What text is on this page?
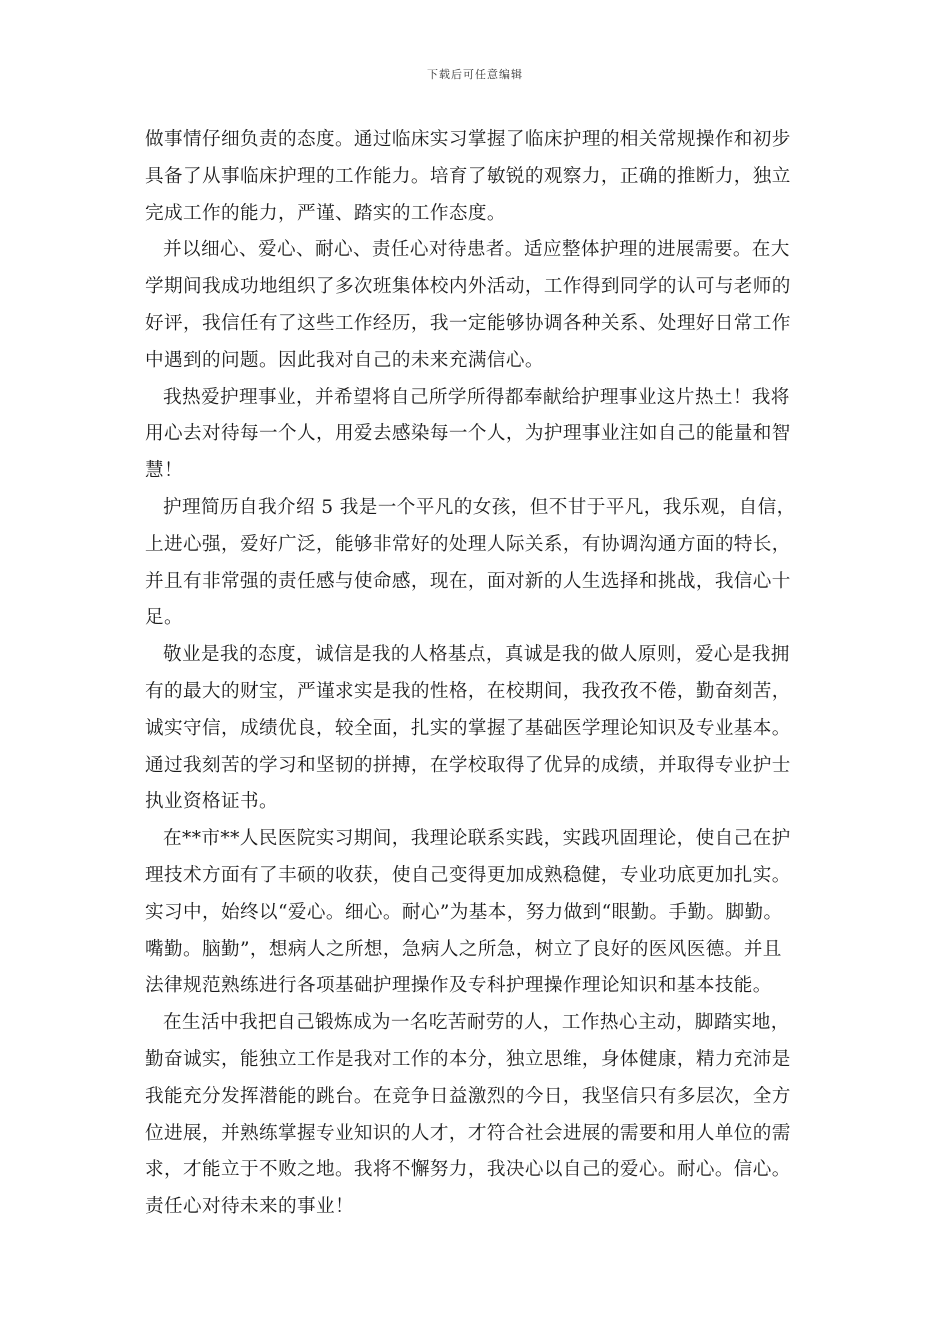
下载后可任意编辑
做事情仔细负责的态度。通过临床实习掌握了临床护理的相关常规操作和初步
具备了从事临床护理的工作能力。培育了敏锐的观察力，正确的推断力，独立
完成工作的能力，严谨、踏实的工作态度。
并以细心、爱心、耐心、责任心对待患者。适应整体护理的进展需要。在大
学期间我成功地组织了多次班集体校内外活动，工作得到同学的认可与老师的
好评，我信任有了这些工作经历，我一定能够协调各种关系、处理好日常工作
中遇到的问题。因此我对自己的未来充满信心。
我热爱护理事业，并希望将自己所学所得都奉献给护理事业这片热土！我将
用心去对待每一个人，用爱去感染每一个人，为护理事业注如自己的能量和智
慧！
护理简历自我介绍 5 我是一个平凡的女孩，但不甘于平凡，我乐观，自信，
上进心强，爱好广泛，能够非常好的处理人际关系，有协调沟通方面的特长，
并且有非常强的责任感与使命感，现在，面对新的人生选择和挑战，我信心十
足。
敬业是我的态度，诚信是我的人格基点，真诚是我的做人原则，爱心是我拥
有的最大的财宝，严谨求实是我的性格，在校期间，我孜孜不倦，勤奋刻苦，
诚实守信，成绩优良，较全面，扎实的掌握了基础医学理论知识及专业基本。
通过我刻苦的学习和坚韧的拼搏，在学校取得了优异的成绩，并取得专业护士
执业资格证书。
在**市**人民医院实习期间，我理论联系实践，实践巩固理论，使自己在护
理技术方面有了丰硕的收获，使自己变得更加成熟稳健，专业功底更加扎实。
实习中，始终以“爱心。细心。耐心”为基本，努力做到“眼勤。手勤。脚勤。
嘴勤。脑勤”，想病人之所想，急病人之所急，树立了良好的医风医德。并且
法律规范熟练进行各项基础护理操作及专科护理操作理论知识和基本技能。
在生活中我把自己锻炼成为一名吃苦耐劳的人，工作热心主动，脚踏实地，
勤奋诚实，能独立工作是我对工作的本分，独立思维，身体健康，精力充沛是
我能充分发挥潜能的跳台。在竞争日益激烈的今日，我坚信只有多层次，全方
位进展，并熟练掌握专业知识的人才，才符合社会进展的需要和用人单位的需
求，才能立于不败之地。我将不懈努力，我决心以自己的爱心。耐心。信心。
责任心对待未来的事业！
